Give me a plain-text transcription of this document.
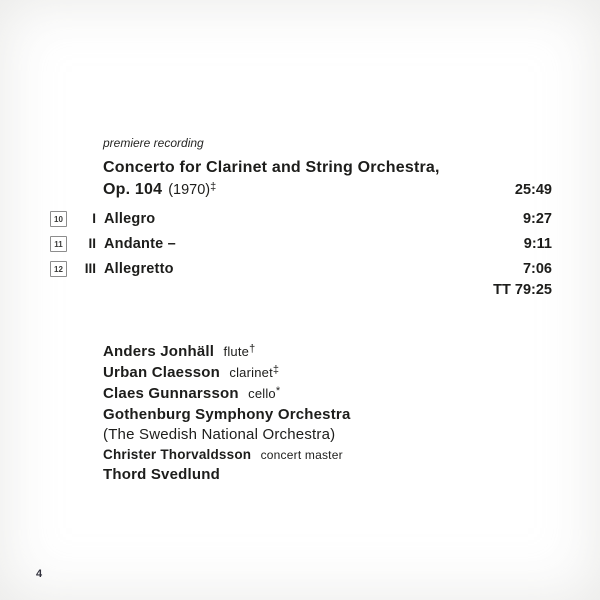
premiere recording
Concerto for Clarinet and String Orchestra,
Op. 104 (1970) ‡	25:49
10	I Allegro	9:27
11	II Andante –	9:11
12	III Allegretto	7:06
TT 79:25
Anders Jonhäll flute†
Urban Claesson clarinet‡
Claes Gunnarsson cello*
Gothenburg Symphony Orchestra
(The Swedish National Orchestra)
Christer Thorvaldsson concert master
Thord Svedlund
4
